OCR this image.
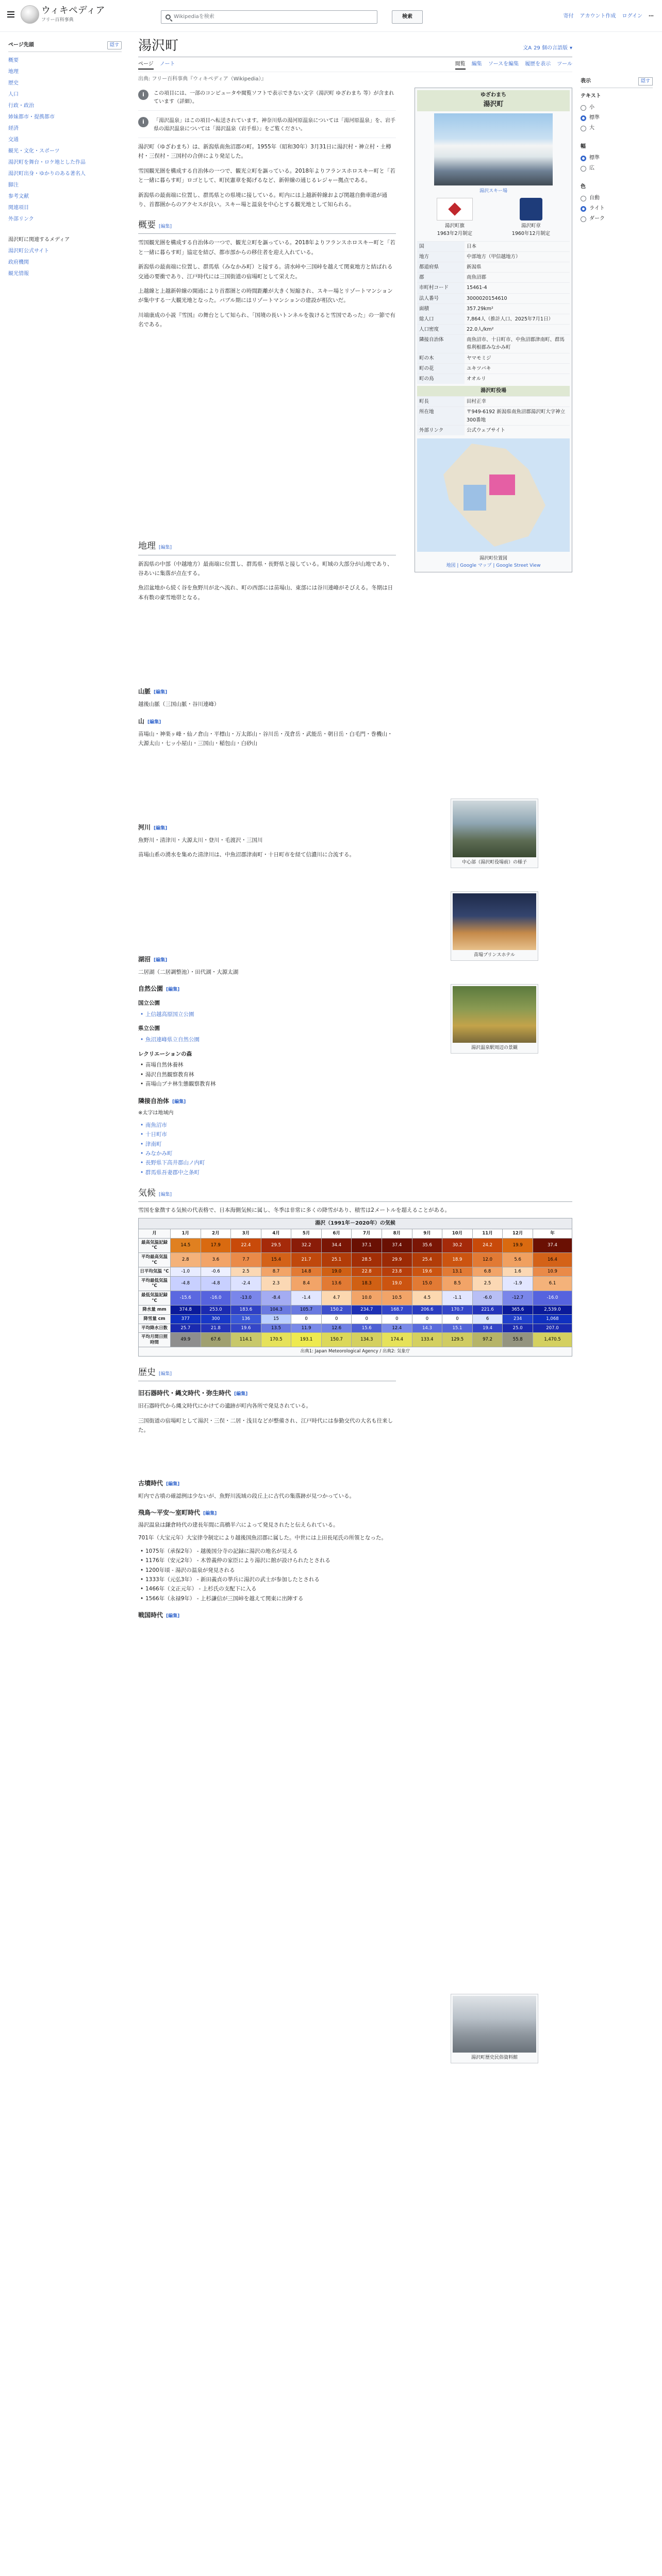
ウィキペディア
フリー百科事典
Wikipediaを検索	検索	寄付 アカウント作成 ログイン ⋯
ページ先頭	隠す
概要
地理
歴史
人口
行政・政治
姉妹都市・提携都市
経済
交通
観光・文化・スポーツ
湯沢町を舞台・ロケ地とした作品
湯沢町出身・ゆかりのある著名人
脚注
参考文献
関連項目
外部リンク
湯沢町に関連するメディア
湯沢町公式サイト
政府機関
観光情報
表示	隠す
テキスト
小
標準
大
幅
標準
広
色
自動
ライト
ダーク
湯沢町	文A 29 個の言語版 ▾
ページ ノート	閲覧 編集 ソースを編集 履歴を表示 ツール
出典: フリー百科事典『ウィキペディア（Wikipedia）』
i	この項目には、一部のコンピュータや閲覧ソフトで表示できない文字（湯沢町 ゆざわまち 等）が含まれています（詳細）。
i	「湯沢温泉」はこの項目へ転送されています。神奈川県の湯河原温泉については「湯河原温泉」を、岩手県の湯沢温泉については「湯沢温泉（岩手県）」をご覧ください。

湯沢町（ゆざわまち）は、新潟県南魚沼郡の町。1955年（昭和30年）3月31日に湯沢村・神立村・土樽村・三俣村・三国村の合併により発足した。

雪国観光圏を構成する自治体の一つで、観光立町を謳っている。2018年よりフランスホロスキー町と「若と一緒に暮らす町」ロゴとして、町民憲章を掲げるなど、新幹線の通じるレジャー拠点である。

新潟県の最南端に位置し、群馬県との県境に接している。町内には上越新幹線および関越自動車道が通り、首都圏からのアクセスが良い。スキー場と温泉を中心とする観光地として知られる。

概要 [編集]

雪国観光圏を構成する自治体の一つで、観光立町を謳っている。2018年よりフランスホロスキー町と「若と一緒に暮らす町」協定を結び、都市部からの移住者を迎え入れている。

新潟県の最南端に位置し、群馬県（みなかみ町）と接する。清水峠や三国峠を越えて関東地方と結ばれる交通の要衝であり、江戸時代には三国街道の宿場町として栄えた。

上越線と上越新幹線の開通により首都圏との時間距離が大きく短縮され、スキー場とリゾートマンションが集中する一大観光地となった。バブル期にはリゾートマンションの建設が相次いだ。

川端康成の小説『雪国』の舞台として知られ、「国境の長いトンネルを抜けると雪国であった」の一節で有名である。

地理 [編集]

新潟県の中部（中越地方）最南端に位置し、群馬県・長野県と接している。町域の大部分が山地であり、谷あいに集落が点在する。

魚沼盆地から続く谷を魚野川が北へ流れ、町の西部には苗場山、東部には谷川連峰がそびえる。冬期は日本有数の豪雪地帯となる。

山脈 [編集]

越後山脈（三国山脈・谷川連峰）

山 [編集]

苗場山・神楽ヶ峰・仙ノ倉山・平標山・万太郎山・谷川岳・茂倉岳・武能岳・朝日岳・白毛門・巻機山・大源太山・七ッ小屋山・三国山・稲包山・白砂山

河川 [編集]

魚野川・清津川・大源太川・登川・毛渡沢・三国川

苗場山系の湧水を集めた清津川は、中魚沼郡津南町・十日町市を経て信濃川に合流する。

湖沼 [編集]

二居湖（二居調整池）・田代湖・大源太湖

自然公園 [編集]
国立公園
• 上信越高原国立公園
県立公園
• 魚沼連峰県立自然公園
レクリエーションの森
• 苗場自然休養林
• 湯沢自然観察教育林
• 苗場山ブナ林生態観察教育林
隣接自治体 [編集]
※太字は地域内
• 南魚沼市
• 十日町市
• 津南町
• みなかみ町
• 長野県下高井郡山ノ内町
• 群馬県吾妻郡中之条町
気候 [編集]

雪国を象徴する気候の代表格で、日本海側気候に属し、冬季は非常に多くの降雪があり、積雪は2メートルを超えることがある。

湯沢（1991年－2020年）の気候
月	1月	2月	3月	4月	5月	6月	7月	8月	9月	10月	11月	12月	年
最高気温記録 °C	14.5	17.9	22.4	29.5	32.2	34.4	37.1	37.4	35.6	30.2	24.2	19.9	37.4
平均最高気温 °C	2.8	3.6	7.7	15.4	21.7	25.1	28.5	29.9	25.4	18.9	12.0	5.6	16.4
日平均気温 °C	-1.0	-0.6	2.5	8.7	14.8	19.0	22.8	23.8	19.6	13.1	6.8	1.6	10.9
平均最低気温 °C	-4.8	-4.8	-2.4	2.3	8.4	13.6	18.3	19.0	15.0	8.5	2.5	-1.9	6.1
最低気温記録 °C	-15.6	-16.0	-13.0	-8.4	-1.4	4.7	10.0	10.5	4.5	-1.1	-6.0	-12.7	-16.0
降水量 mm	374.8	253.0	183.6	104.3	105.7	150.2	234.7	168.7	206.6	170.7	221.6	365.6	2,539.0
降雪量 cm	377	300	136	15	0	0	0	0	0	0	6	234	1,068
平均降水日数	25.7	21.8	19.6	13.5	11.9	12.6	15.6	12.4	14.3	15.1	19.4	25.0	207.0
平均月間日照時間	49.9	67.6	114.1	170.5	193.1	150.7	134.3	174.4	133.4	129.5	97.2	55.8	1,470.5
出典1: Japan Meteorological Agency / 出典2: 気象庁													
歴史 [編集]
旧石器時代・縄文時代・弥生時代 [編集]

旧石器時代から縄文時代にかけての遺跡が町内各所で発見されている。

三国街道の宿場町として湯沢・三俣・二居・浅貝などが整備され、江戸時代には参勤交代の大名も往来した。

古墳時代 [編集]

町内で古墳の確認例は少ないが、魚野川流域の段丘上に古代の集落跡が見つかっている。

飛鳥～平安～室町時代 [編集]

湯沢温泉は鎌倉時代の建長年間に高橋半六によって発見されたと伝えられている。

701年（大宝元年）大宝律令制定により越後国魚沼郡に属した。中世には上田長尾氏の所領となった。

• 1075年（承保2年） - 越後国分寺の記録に湯沢の地名が見える
• 1176年（安元2年） - 木曾義仲の家臣により湯沢に館が設けられたとされる
• 1200年頃 - 湯沢の温泉が発見される
• 1333年（元弘3年） - 新田義貞の挙兵に湯沢の武士が参加したとされる
• 1466年（文正元年） - 上杉氏の支配下に入る
• 1566年（永禄9年） - 上杉謙信が三国峠を越えて関東に出陣する
戦国時代 [編集]
ゆざわまち
湯沢町
湯沢スキー場
湯沢町旗
1963年2月制定
湯沢町章
1960年12月制定
国	日本
地方	中部地方（甲信越地方）
都道府県	新潟県
郡	南魚沼郡
市町村コード	15461-4
法人番号	3000020154610
面積	357.29km²
総人口	7,864人（推計人口、2025年7月1日）
人口密度	22.0人/km²
隣接自治体	南魚沼市、十日町市、中魚沼郡津南町、群馬県利根郡みなかみ町
町の木	ヤマモミジ
町の花	ユキツバキ
町の鳥	オオルリ
湯沢町役場
町長	田村正幸
所在地	〒949-6192 新潟県南魚沼郡湯沢町大字神立300番地
外部リンク	公式ウェブサイト
湯沢町位置図
地図 | Google マップ | Google Street View
中心部（湯沢町役場前）の様子
苗場プリンスホテル
湯沢温泉駅周辺の景観
湯沢町歴史民俗資料館
